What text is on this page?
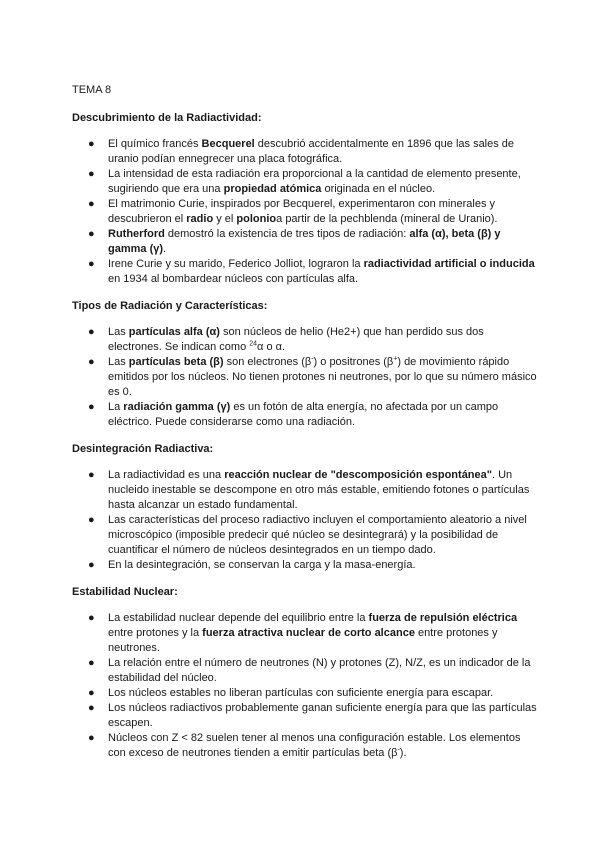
TEMA 8
Descubrimiento de la Radiactividad:
● El químico francés Becquerel descubrió accidentalmente en 1896 que las sales de uranio podían ennegrecer una placa fotográfica.
● La intensidad de esta radiación era proporcional a la cantidad de elemento presente, sugiriendo que era una propiedad atómica originada en el núcleo.
● El matrimonio Curie, inspirados por Becquerel, experimentaron con minerales y descubrieron el radio y el polonioa partir de la pechblenda (mineral de Uranio).
● Rutherford demostró la existencia de tres tipos de radiación: alfa (α), beta (β) y gamma (γ).
● Irene Curie y su marido, Federico Jolliot, lograron la radiactividad artificial o inducida en 1934 al bombardear núcleos con partículas alfa.
Tipos de Radiación y Características:
● Las partículas alfa (α) son núcleos de helio (He2+) que han perdido sus dos electrones. Se indican como $^{24}$α o α.
● Las partículas beta (β) son electrones (β-) o positrones (β+) de movimiento rápido emitidos por los núcleos. No tienen protones ni neutrones, por lo que su número másico es 0.
● La radiación gamma (γ) es un fotón de alta energía, no afectada por un campo eléctrico. Puede considerarse como una radiación.
Desintegración Radiactiva:
● La radiactividad es una reacción nuclear de "descomposición espontánea". Un nucleido inestable se descompone en otro más estable, emitiendo fotones o partículas hasta alcanzar un estado fundamental.
● Las características del proceso radiactivo incluyen el comportamiento aleatorio a nivel microscópico (imposible predecir qué núcleo se desintegrará) y la posibilidad de cuantificar el número de núcleos desintegrados en un tiempo dado.
● En la desintegración, se conservan la carga y la masa-energía.
Estabilidad Nuclear:
● La estabilidad nuclear depende del equilibrio entre la fuerza de repulsión eléctrica entre protones y la fuerza atractiva nuclear de corto alcance entre protones y neutrones.
● La relación entre el número de neutrones (N) y protones (Z), N/Z, es un indicador de la estabilidad del núcleo.
● Los núcleos estables no liberan partículas con suficiente energía para escapar.
● Los núcleos radiactivos probablemente ganan suficiente energía para que las partículas escapen.
● Núcleos con Z < 82 suelen tener al menos una configuración estable. Los elementos con exceso de neutrones tienden a emitir partículas beta (β-).
